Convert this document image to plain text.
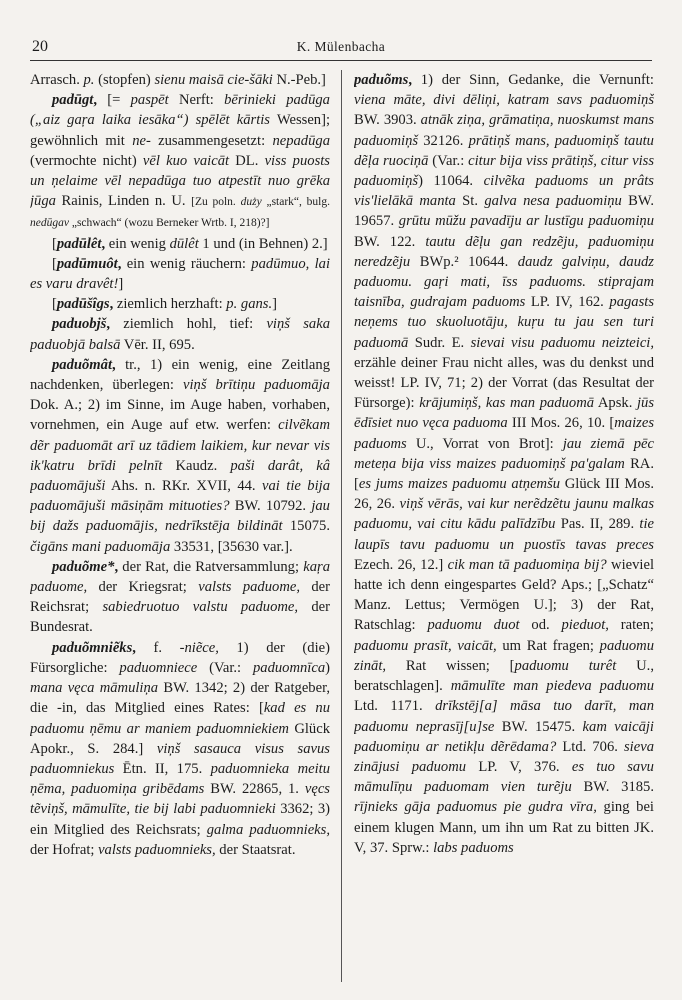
20	K. Mülenbacha

Arrasch. p. (stopfen) sienu maisā cie-šāki N.-Peb.]

padūgt, [= paspēt Nerft: bērinieki padūga („aiz gaŗa laika iesāka“) spēlēt kārtis Wessen]; gewöhnlich mit ne- zusammengesetzt: nepadūga (vermochte nicht) vēl kuo vaicāt DL. viss puosts un ņelaime vēl nepadūga tuo atpestīt nuo grēka jūga Rainis, Linden n. U. [Zu poln. duży „stark“, bulg. nedūgav „schwach“ (wozu Berneker Wrtb. I, 218)?]

[padūlêt, ein wenig dūlêt 1 und (in Behnen) 2.]

[padūmuôt, ein wenig räuchern: padūmuo, lai es varu dravêt!]

[padūšîgs, ziemlich herzhaft: p. gans.]

paduobjš, ziemlich hohl, tief: viņš saka paduobjā balsā Vēr. II, 695.

paduõmât, tr., 1) ein wenig, eine Zeitlang nachdenken, überlegen: viņš brītiņu paduomāja Dok. A.; 2) im Sinne, im Auge haben, vorhaben, vornehmen, ein Auge auf etw. werfen: cilvẽkam dẽr paduomāt arī uz tādiem laikiem, kur nevar vis ik'katru brīdi pelnīt Kaudz. paši darât, kâ paduomājuši Ahs. n. RKr. XVII, 44. vai tie bija paduomājuši māsiņām mituoties? BW. 10792. jau bij dažs paduomājis, nedrīkstēja bildināt 15075. čigāns mani paduomāja 33531, [35630 var.].

paduõme*, der Rat, die Ratversammlung; kaŗa paduome, der Kriegsrat; valsts paduome, der Reichsrat; sabiedruotuo valstu paduome, der Bundesrat.

paduõmniẽks, f. -niẽce, 1) der (die) Fürsorgliche: paduomniece (Var.: paduomnīca) mana vęca māmuliņa BW. 1342; 2) der Ratgeber, die -in, das Mitglied eines Rates: [kad es nu paduomu ņēmu ar maniem paduomniekiem Glück Apokr., S. 284.] viņš sasauca visus savus paduomniekus Ētn. II, 175. paduomnieka meitu ņēma, paduomiņa gribēdams BW. 22865, 1. vęcs tẽviņš, māmulīte, tie bij labi paduomnieki 3362; 3) ein Mitglied des Reichsrats; galma paduomnieks, der Hofrat; valsts paduomnieks, der Staatsrat.

paduõms, 1) der Sinn, Gedanke, die Vernunft: viena māte, divi dēliņi, katram savs paduomiņš BW. 3903. atnāk ziņa, grāmatiņa, nuoskumst mans paduomiņš 32126. prātiņš mans, paduomiņš tautu dẽļa ruociņā (Var.: citur bija viss prātiņš, citur viss paduomiņš) 11064. cilvẽka paduoms un prâts vis'lielākā manta St. galva nesa paduomiņu BW. 19657. grūtu mūžu pavadīju ar lustīgu paduomiņu BW. 122. tautu dẽļu gan redzẽju, paduomiņu neredzẽju BWp.² 10644. daudz galviņu, daudz paduomu. gaŗi mati, īss paduoms. stiprajam taisnība, gudrajam paduoms LP. IV, 162. pagasts neņems tuo skuoluotāju, kuŗu tu jau sen turi paduomā Sudr. E. sievai visu paduomu neizteici, erzähle deiner Frau nicht alles, was du denkst und weisst! LP. IV, 71; 2) der Vorrat (das Resultat der Fürsorge): krājumiņš, kas man paduomā Apsk. jūs ēdīsiet nuo vęca paduoma III Mos. 26, 10. [maizes paduoms U., Vorrat von Brot]: jau ziemā pēc meteņa bija viss maizes paduomiņš pa'galam RA. [es jums maizes paduomu atņemšu Glück III Mos. 26, 26. viņš vērās, vai kur nerẽdzẽtu jaunu malkas paduomu, vai citu kādu palīdzību Pas. II, 289. tie laupīs tavu paduomu un puostīs tavas preces Ezech. 26, 12.] cik man tā paduomiņa bij? wieviel hatte ich denn eingespartes Geld? Aps.; [„Schatz“ Manz. Lettus; Vermögen U.]; 3) der Rat, Ratschlag: paduomu duot od. pieduot, raten; paduomu prasīt, vaicāt, um Rat fragen; paduomu zināt, Rat wissen; [paduomu turêt U., beratschlagen]. māmulīte man piedeva paduomu Ltd. 1171. drīkstēj[a] māsa tuo darīt, man paduomu neprasīj[u]se BW. 15475. kam vaicāji paduomiņu ar netikļu dẽrēdama? Ltd. 706. sieva zinājusi paduomu LP. V, 376. es tuo savu māmulīņu paduomam vien turẽju BW. 3185. rījnieks gāja paduomus pie gudra vīra, ging bei einem klugen Mann, um ihn um Rat zu bitten JK. V, 37. Sprw.: labs paduoms
